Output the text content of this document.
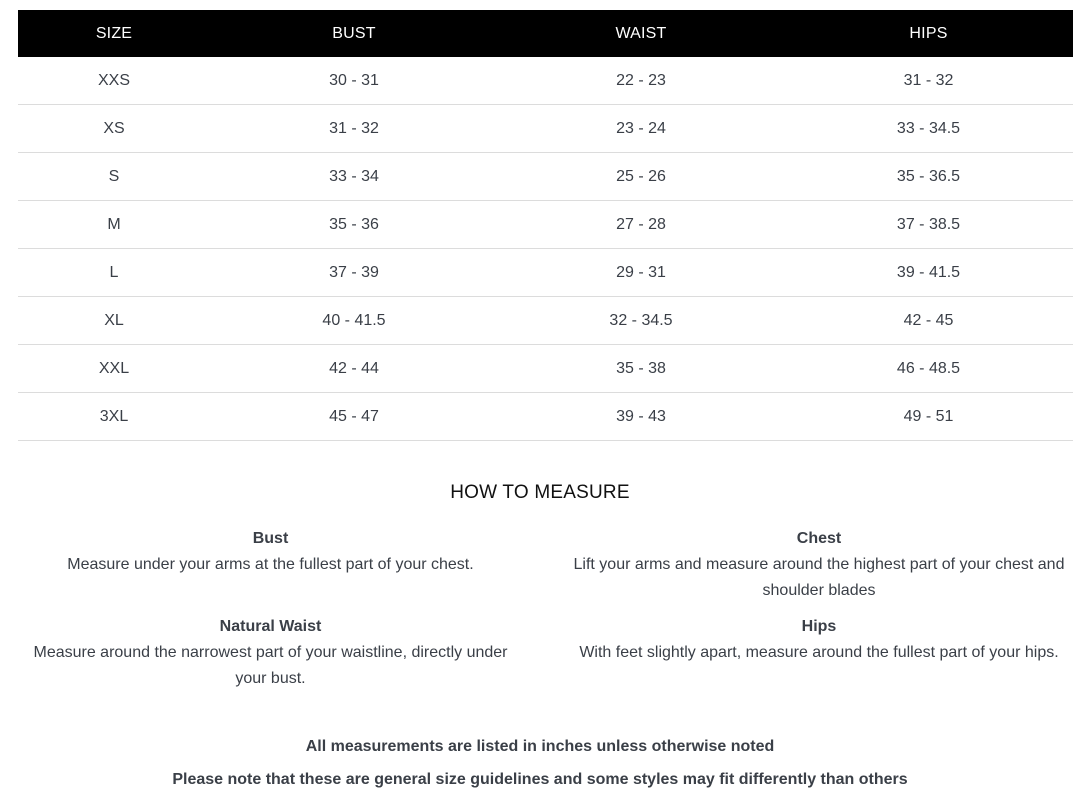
SIZE	BUST	WAIST	HIPS
XXS	30 - 31	22 - 23	31 - 32
XS	31 - 32	23 - 24	33 - 34.5
S	33 - 34	25 - 26	35 - 36.5
M	35 - 36	27 - 28	37 - 38.5
L	37 - 39	29 - 31	39 - 41.5
XL	40 - 41.5	32 - 34.5	42 - 45
XXL	42 - 44	35 - 38	46 - 48.5
3XL	45 - 47	39 - 43	49 - 51
HOW TO MEASURE
Bust
Measure under your arms at the fullest part of your chest.
Chest
Lift your arms and measure around the highest part of your chest and shoulder blades
Natural Waist
Measure around the narrowest part of your waistline, directly under your bust.
Hips
With feet slightly apart, measure around the fullest part of your hips.

All measurements are listed in inches unless otherwise noted

Please note that these are general size guidelines and some styles may fit differently than others
